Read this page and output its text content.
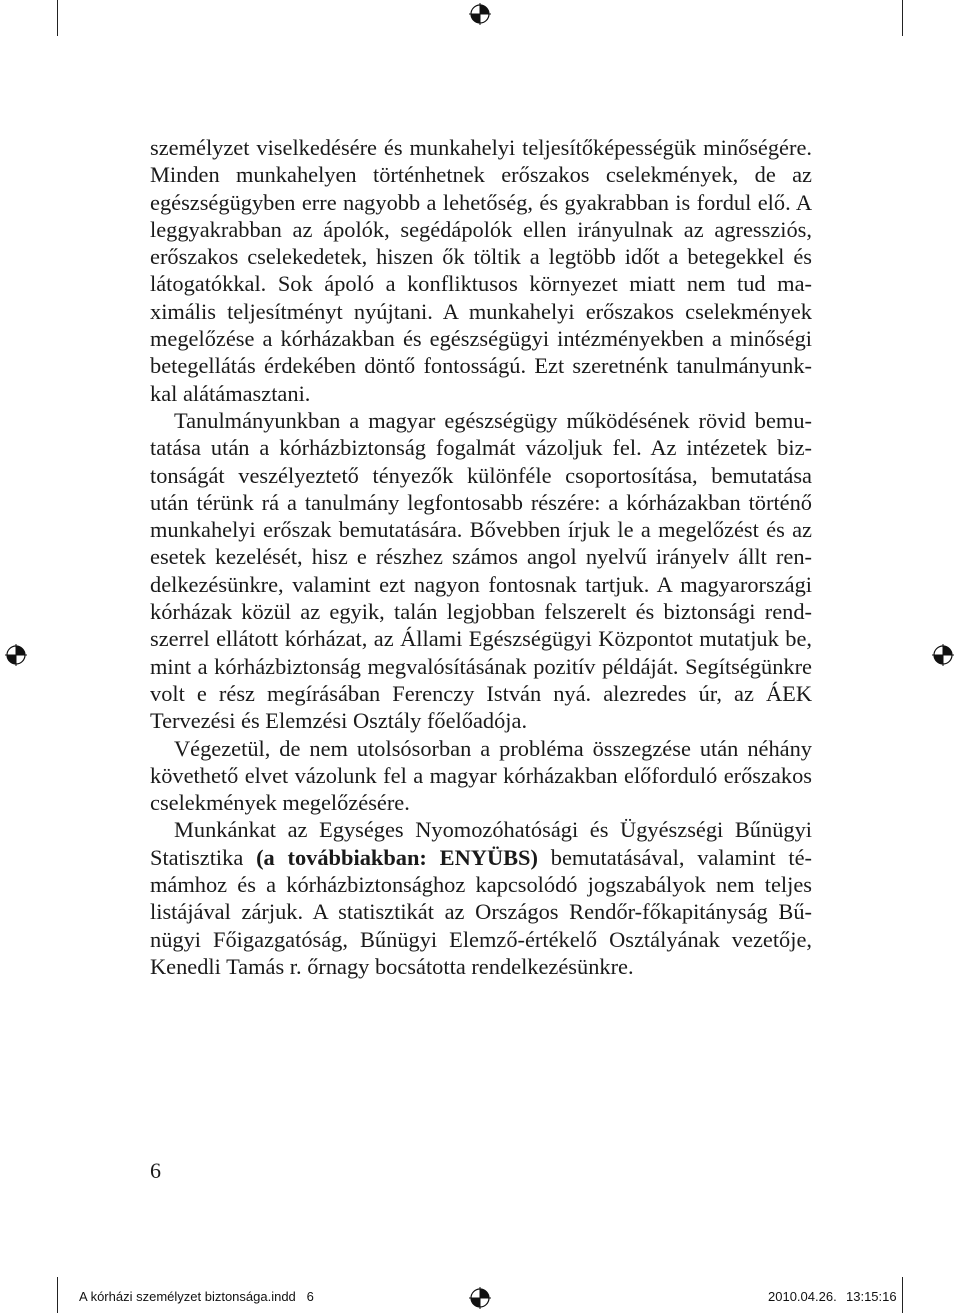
személyzet viselkedésére és munkahelyi teljesítőképességük minőségére. Minden munkahelyen történhetnek erőszakos cselekmények, de az egészségügyben erre nagyobb a lehetőség, és gyakrabban is fordul elő. A leggyakrabban az ápolók, segédápolók ellen irányulnak az agressziós, erőszakos cselekedetek, hiszen ők töltik a legtöbb időt a betegekkel és látogatókkal. Sok ápoló a konfliktusos környezet miatt nem tud maximális teljesítményt nyújtani. A munkahelyi erőszakos cselekmények megelőzése a kórházakban és egészségügyi intézményekben a minőségi betegellátás érdekében döntő fontosságú. Ezt szeretnénk tanulmányunkkal alátámasztani.

Tanulmányunkban a magyar egészségügy működésének rövid bemutatása után a kórházbiztonság fogalmát vázoljuk fel. Az intézetek biztonságát veszélyeztető tényezők különféle csoportosítása, bemutatása után térünk rá a tanulmány legfontosabb részére: a kórházakban történő munkahelyi erőszak bemutatására. Bővebben írjuk le a megelőzést és az esetek kezelését, hisz e részhez számos angol nyelvű irányelv állt rendelkezésünkre, valamint ezt nagyon fontosnak tartjuk. A magyarországi kórházak közül az egyik, talán legjobban felszerelt és biztonsági rendszerrel ellátott kórházat, az Állami Egészségügyi Központot mutatjuk be, mint a kórházbiztonság megvalósításának pozitív példáját. Segítségünkre volt e rész megírásában Ferenczy István nyá. alezredes úr, az ÁEK Tervezési és Elemzési Osztály főelőadója.

Végezetül, de nem utolsósorban a probléma összegzése után néhány követhető elvet vázolunk fel a magyar kórházakban előforduló erőszakos cselekmények megelőzésére.

Munkánkat az Egységes Nyomozóhatósági és Ügyészségi Bűnügyi Statisztika (a továbbiakban: ENYÜBS) bemutatásával, valamint témámhoz és a kórházbiztonsághoz kapcsolódó jogszabályok nem teljes listájával zárjuk. A statisztikát az Országos Rendőr-főkapitányság Bűnügyi Főigazgatóság, Bűnügyi Elemző-értékelő Osztályának vezetője, Kenedli Tamás r. őrnagy bocsátotta rendelkezésünkre.

6
A kórházi személyzet biztonsága.indd   6	2010.04.26. 13:15:16
